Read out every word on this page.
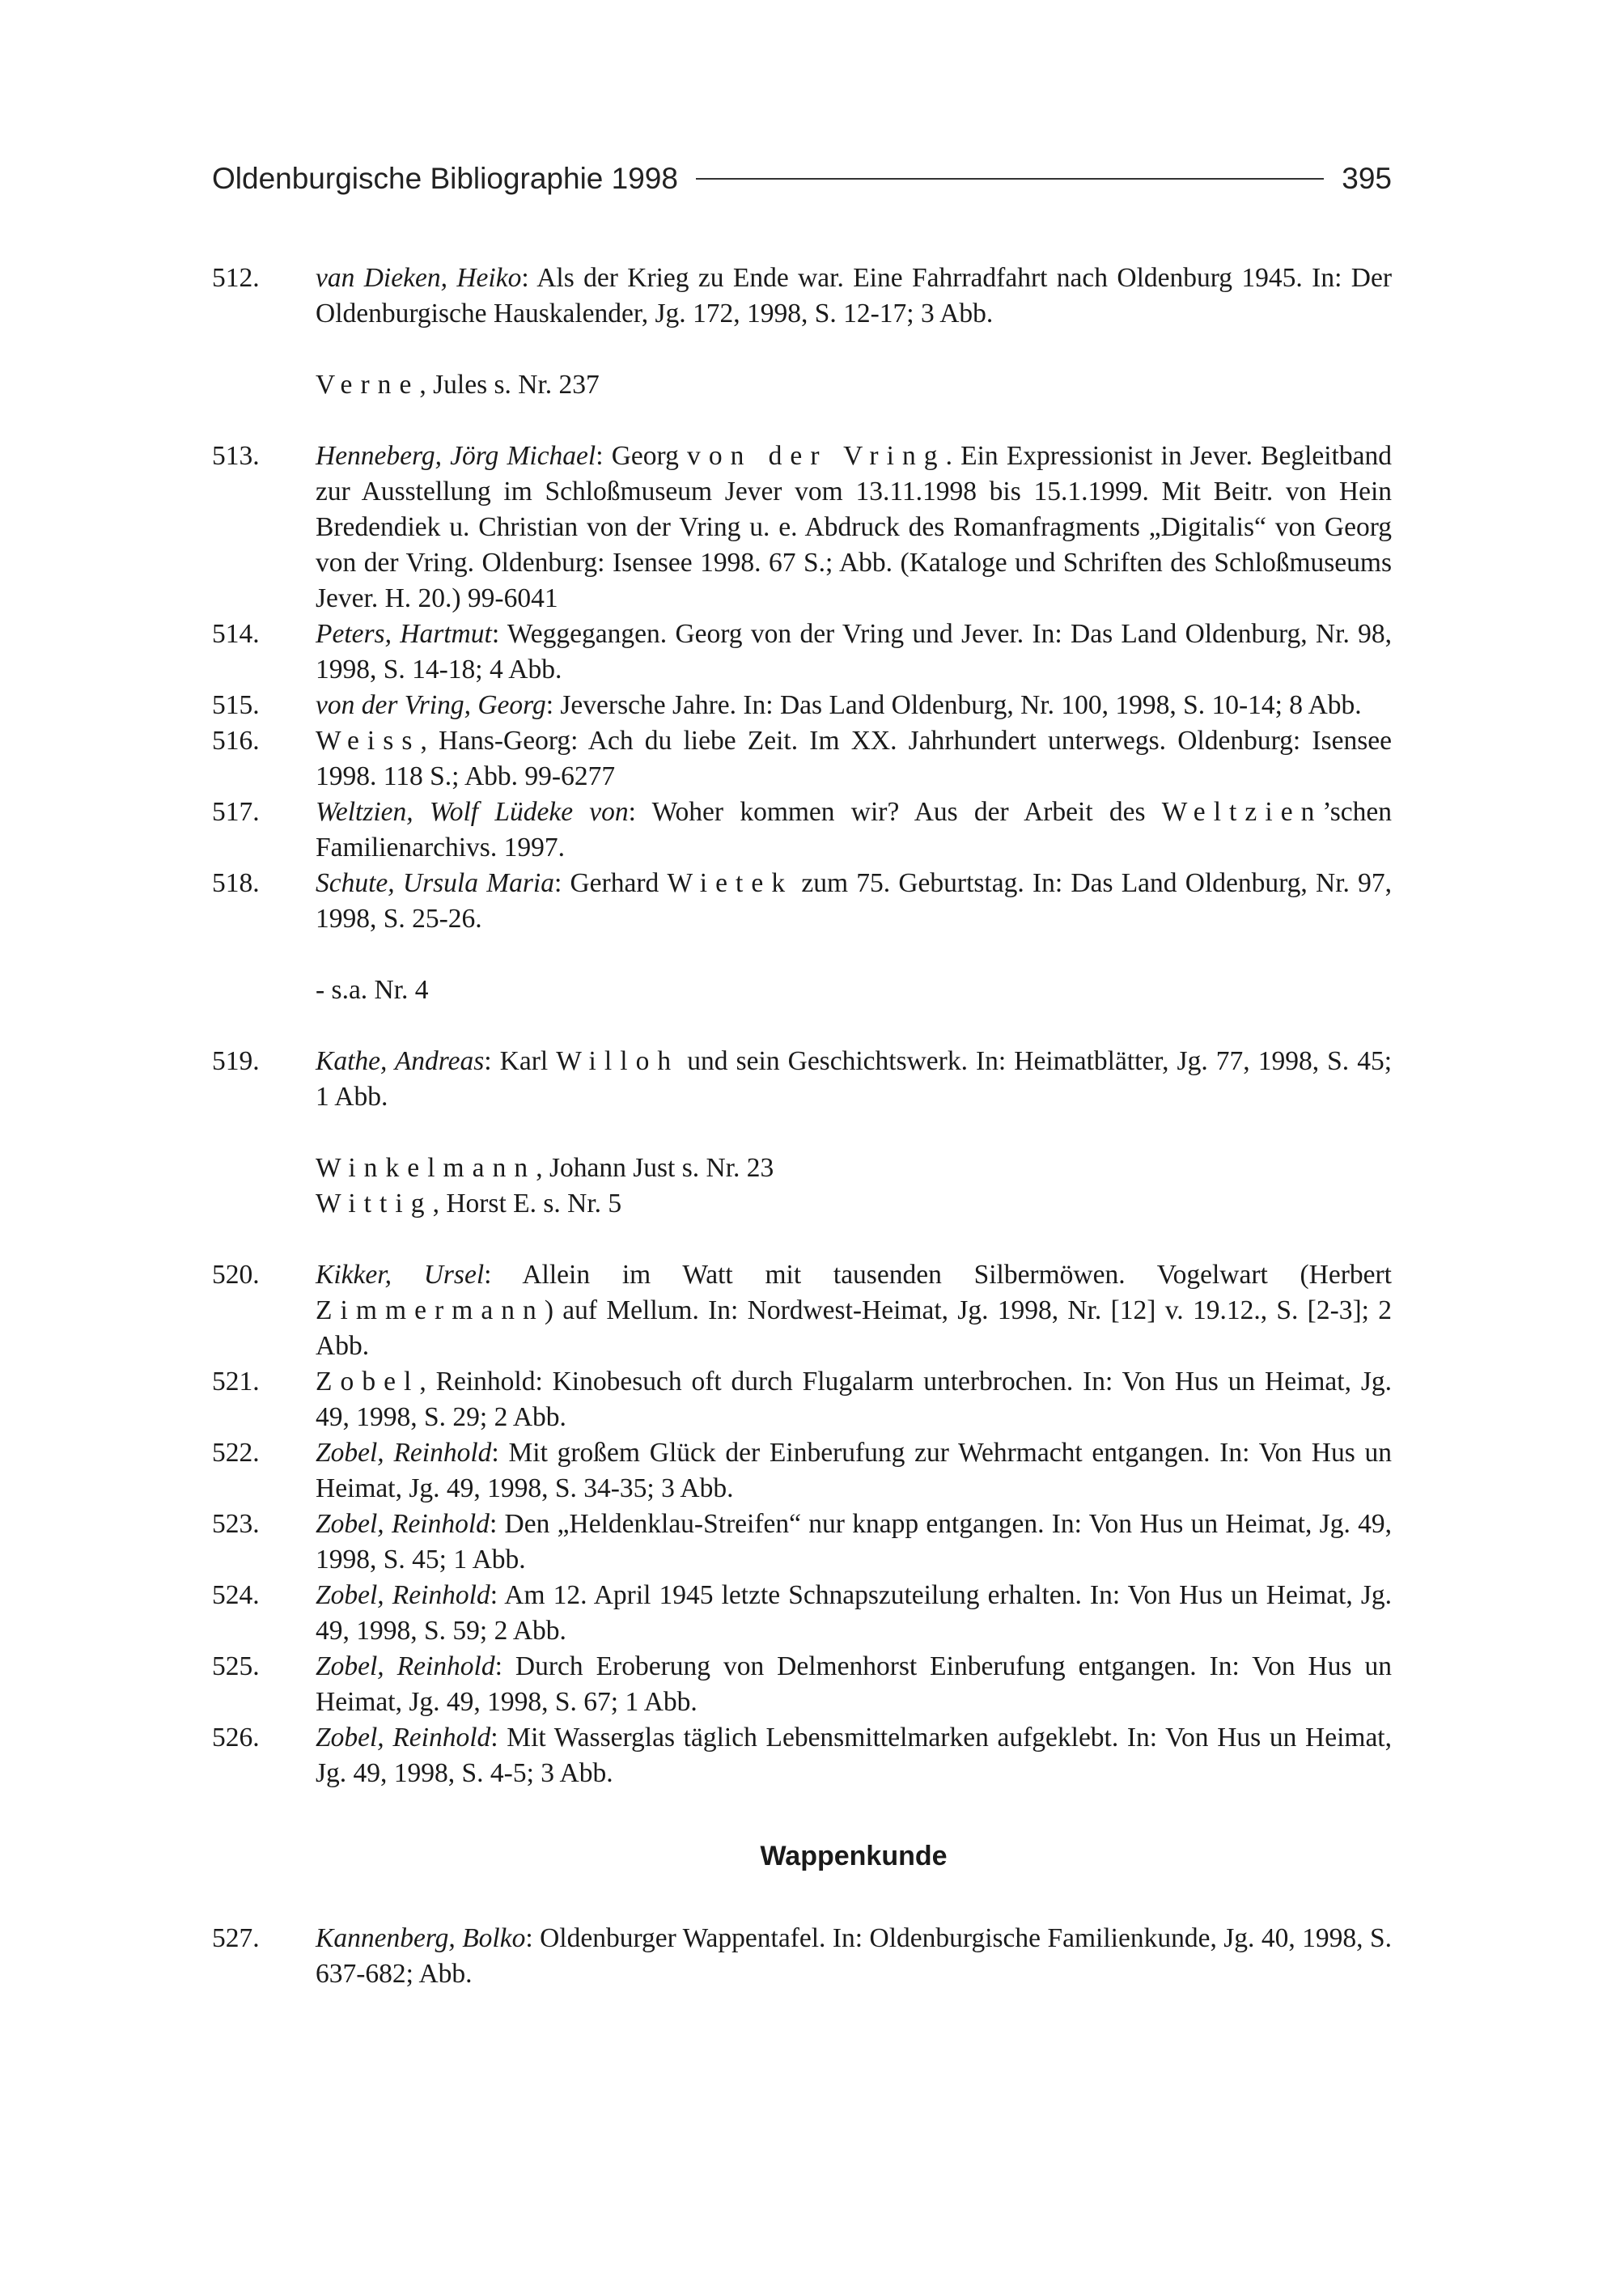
Oldenburgische Bibliographie 1998	395
512. van Dieken, Heiko: Als der Krieg zu Ende war. Eine Fahrradfahrt nach Oldenburg 1945. In: Der Oldenburgische Hauskalender, Jg. 172, 1998, S. 12-17; 3 Abb.
Verne, Jules s. Nr. 237
513. Henneberg, Jörg Michael: Georg von der Vring. Ein Expressionist in Jever. Begleitband zur Ausstellung im Schloßmuseum Jever vom 13.11.1998 bis 15.1.1999. Mit Beitr. von Hein Bredendiek u. Christian von der Vring u. e. Abdruck des Romanfragments „Digitalis“ von Georg von der Vring. Oldenburg: Isensee 1998. 67 S.; Abb. (Kataloge und Schriften des Schloßmuseums Jever. H. 20.) 99-6041
514. Peters, Hartmut: Weggegangen. Georg von der Vring und Jever. In: Das Land Oldenburg, Nr. 98, 1998, S. 14-18; 4 Abb.
515. von der Vring, Georg: Jeversche Jahre. In: Das Land Oldenburg, Nr. 100, 1998, S. 10-14; 8 Abb.
516. Weiss, Hans-Georg: Ach du liebe Zeit. Im XX. Jahrhundert unterwegs. Oldenburg: Isensee 1998. 118 S.; Abb. 99-6277
517. Weltzien, Wolf Lüdeke von: Woher kommen wir? Aus der Arbeit des Weltzien’schen Familienarchivs. 1997.
518. Schute, Ursula Maria: Gerhard Wietek zum 75. Geburtstag. In: Das Land Oldenburg, Nr. 97, 1998, S. 25-26.
- s.a. Nr. 4
519. Kathe, Andreas: Karl Willoh und sein Geschichtswerk. In: Heimatblätter, Jg. 77, 1998, S. 45; 1 Abb.
Winkelmann, Johann Just s. Nr. 23
Wittig, Horst E. s. Nr. 5
520. Kikker, Ursel: Allein im Watt mit tausenden Silbermöwen. Vogelwart (Herbert Zimmermann) auf Mellum. In: Nordwest-Heimat, Jg. 1998, Nr. [12] v. 19.12., S. [2-3]; 2 Abb.
521. Zobel, Reinhold: Kinobesuch oft durch Flugalarm unterbrochen. In: Von Hus un Heimat, Jg. 49, 1998, S. 29; 2 Abb.
522. Zobel, Reinhold: Mit großem Glück der Einberufung zur Wehrmacht entgangen. In: Von Hus un Heimat, Jg. 49, 1998, S. 34-35; 3 Abb.
523. Zobel, Reinhold: Den „Heldenklau-Streifen“ nur knapp entgangen. In: Von Hus un Heimat, Jg. 49, 1998, S. 45; 1 Abb.
524. Zobel, Reinhold: Am 12. April 1945 letzte Schnapszuteilung erhalten. In: Von Hus un Heimat, Jg. 49, 1998, S. 59; 2 Abb.
525. Zobel, Reinhold: Durch Eroberung von Delmenhorst Einberufung entgangen. In: Von Hus un Heimat, Jg. 49, 1998, S. 67; 1 Abb.
526. Zobel, Reinhold: Mit Wasserglas täglich Lebensmittelmarken aufgeklebt. In: Von Hus un Heimat, Jg. 49, 1998, S. 4-5; 3 Abb.
Wappenkunde
527. Kannenberg, Bolko: Oldenburger Wappentafel. In: Oldenburgische Familienkunde, Jg. 40, 1998, S. 637-682; Abb.
